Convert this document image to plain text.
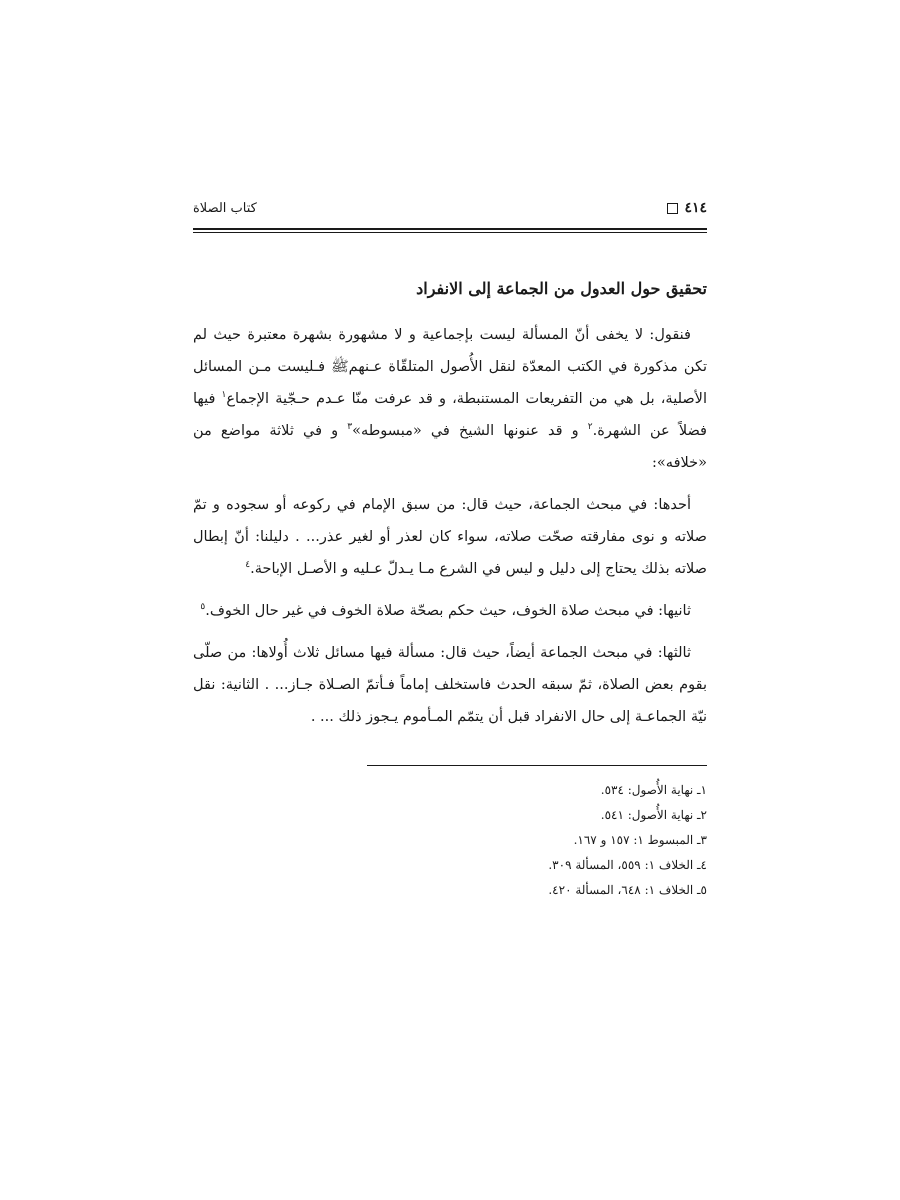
٤١٤
كتاب الصلاة
تحقيق حول العدول من الجماعة إلى الانفراد

فنقول: لا يخفى أنّ المسألة ليست بإجماعية و لا مشهورة بشهرة معتبرة حيث لم تكن مذكورة في الكتب المعدّة لنقل الأُصول المتلقّاة عـنهمﷺ فـليست مـن المسائل الأصلية، بل هي من التفريعات المستنبطة، و قد عرفت منّا عـدم حـجّية الإجماع$^١$ فيها فضلاً عن الشهرة.$^٢$ و قد عنونها الشيخ في «مبسوطه»$^٣$ و في ثلاثة مواضع من «خلافه»:

أحدها: في مبحث الجماعة، حيث قال: من سبق الإمام في ركوعه أو سجوده و تمّ صلاته و نوى مفارقته صحّت صلاته، سواء كان لعذر أو لغير عذر... . دليلنا: أنّ إبطال صلاته بذلك يحتاج إلى دليل و ليس في الشرع مـا يـدلّ عـليه و الأصـل الإباحة.$^٤$

ثانيها: في مبحث صلاة الخوف، حيث حكم بصحّة صلاة الخوف في غير حال الخوف.$^٥$

ثالثها: في مبحث الجماعة أيضاً، حيث قال: مسألة فيها مسائل ثلاث أُولاها: من صلّى بقوم بعض الصلاة، ثمّ سبقه الحدث فاستخلف إماماً فـأتمّ الصـلاة جـاز... . الثانية: نقل نيّة الجماعـة إلى حال الانفراد قبل أن يتمّم المـأموم يـجوز ذلك ... .

١ـ نهاية الأُصول: ٥٣٤.
٢ـ نهاية الأُصول: ٥٤١.
٣ـ المبسوط ١: ١٥٧ و ١٦٧.
٤ـ الخلاف ١: ٥٥٩، المسألة ٣٠٩.
٥ـ الخلاف ١: ٦٤٨، المسألة ٤٢٠.
